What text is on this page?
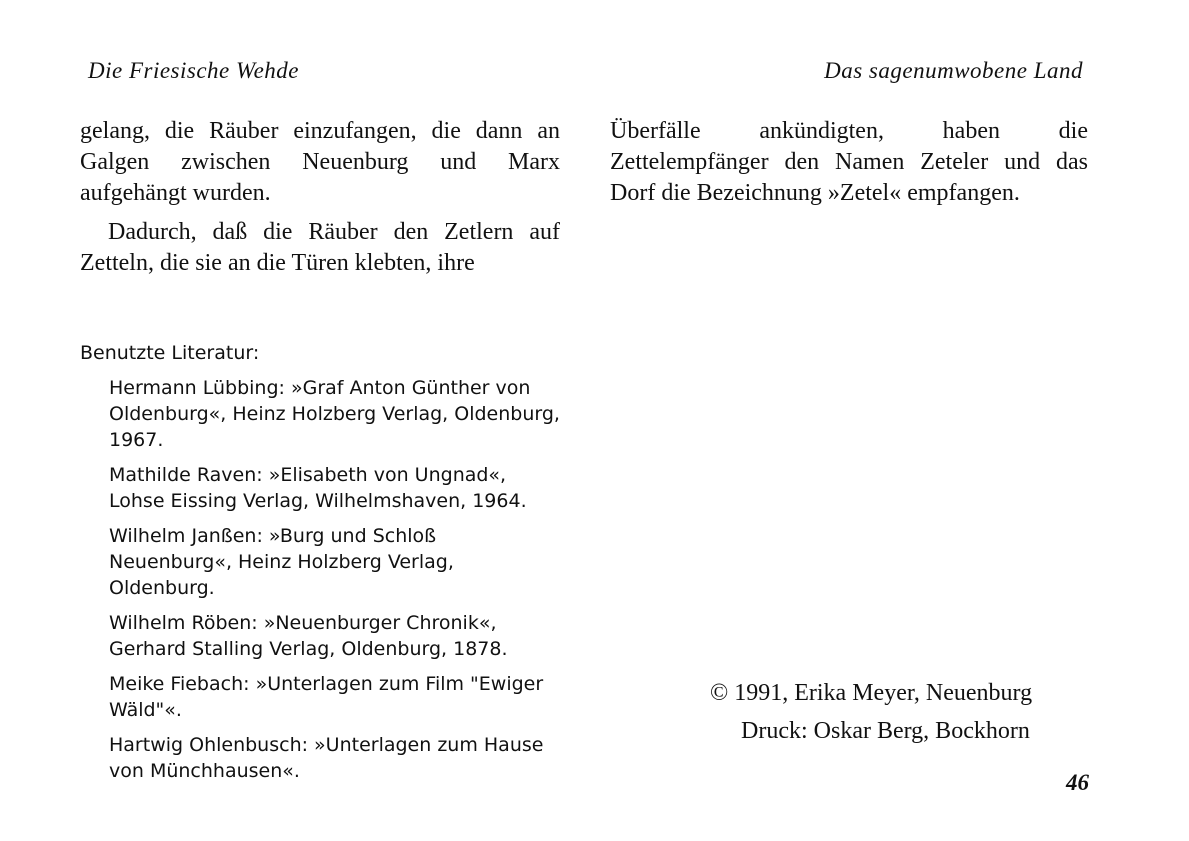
Die Friesische Wehde	Das sagenumwobene Land

gelang, die Räuber einzufangen, die dann an Galgen zwischen Neuenburg und Marx aufgehängt wurden.

Dadurch, daß die Räuber den Zetlern auf Zetteln, die sie an die Türen klebten, ihre

Überfälle ankündigten, haben die Zettelempfänger den Namen Zeteler und das Dorf die Bezeichnung »Zetel« empfangen.

Benutzte Literatur:

Hermann Lübbing: »Graf Anton Günther von Oldenburg«, Heinz Holzberg Verlag, Oldenburg, 1967.

Mathilde Raven: »Elisabeth von Ungnad«, Lohse Eissing Verlag, Wilhelmshaven, 1964.

Wilhelm Janßen: »Burg und Schloß Neuenburg«, Heinz Holzberg Verlag, Oldenburg.

Wilhelm Röben: »Neuenburger Chronik«, Gerhard Stalling Verlag, Oldenburg, 1878.

Meike Fiebach: »Unterlagen zum Film "Ewiger Wäld"«.

Hartwig Ohlenbusch: »Unterlagen zum Hause von Münchhausen«.

© 1991, Erika Meyer, Neuenburg
Druck: Oskar Berg, Bockhorn
46
